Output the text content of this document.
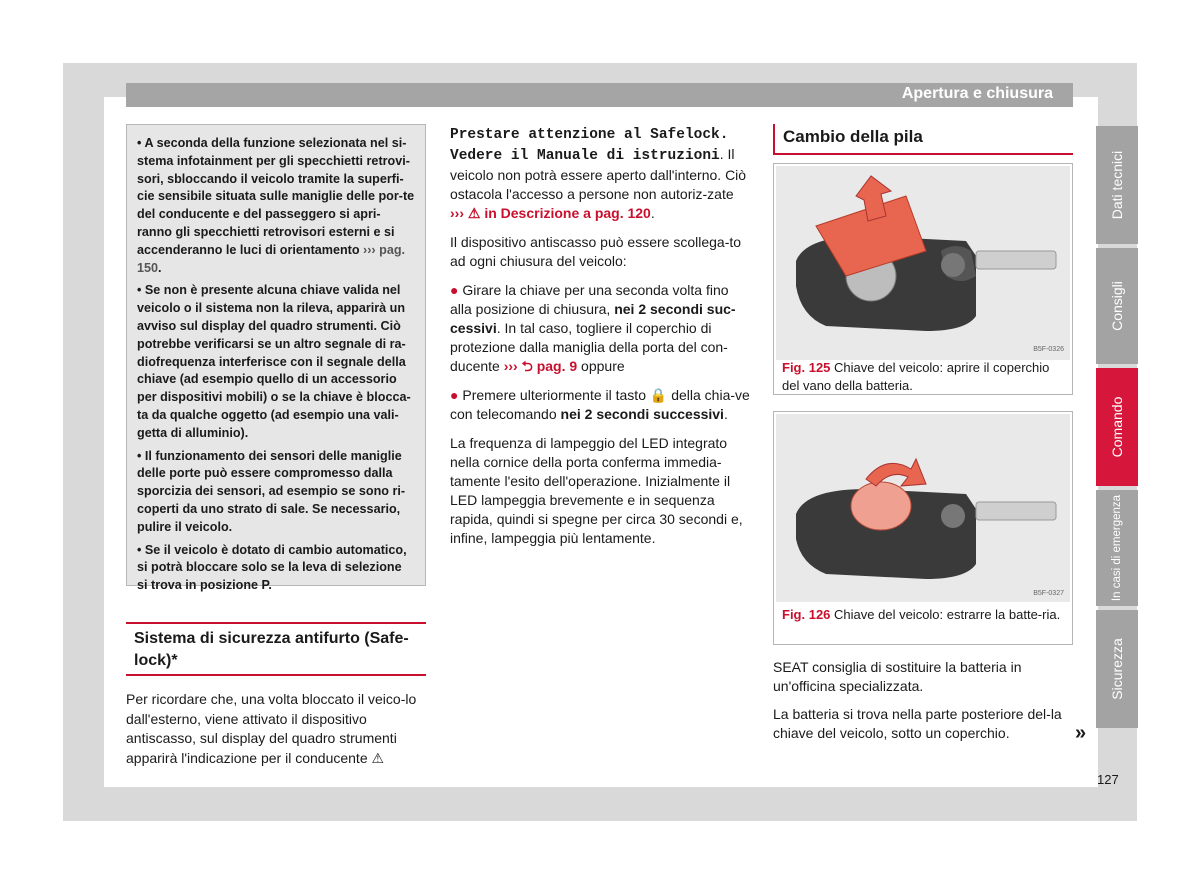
Apertura e chiusura

• A seconda della funzione selezionata nel si-stema infotainment per gli specchietti retrovi-sori, sbloccando il veicolo tramite la superfi-cie sensibile situata sulle maniglie delle por-te del conducente e del passeggero si apri-ranno gli specchietti retrovisori esterni e si accenderanno le luci di orientamento ››› pag. 150.

• Se non è presente alcuna chiave valida nel veicolo o il sistema non la rileva, apparirà un avviso sul display del quadro strumenti. Ciò potrebbe verificarsi se un altro segnale di ra-diofrequenza interferisce con il segnale della chiave (ad esempio quello di un accessorio per dispositivi mobili) o se la chiave è blocca-ta da qualche oggetto (ad esempio una vali-getta di alluminio).

• Il funzionamento dei sensori delle maniglie delle porte può essere compromesso dalla sporcizia dei sensori, ad esempio se sono ri-coperti da uno strato di sale. Se necessario, pulire il veicolo.

• Se il veicolo è dotato di cambio automatico, si potrà bloccare solo se la leva di selezione si trova in posizione P.

Sistema di sicurezza antifurto (Safe-
lock)*

Per ricordare che, una volta bloccato il veico-lo dall'esterno, viene attivato il dispositivo antiscasso, sul display del quadro strumenti apparirà l'indicazione per il conducente ⚠

Prestare attenzione al Safelock.
Vedere il Manuale di istruzioni. Il veicolo non potrà essere aperto dall'interno. Ciò ostacola l'accesso a persone non autoriz-zate ››› ⚠ in Descrizione a pag. 120.

Il dispositivo antiscasso può essere scollega-to ad ogni chiusura del veicolo:

● Girare la chiave per una seconda volta fino alla posizione di chiusura, nei 2 secondi suc-cessivi. In tal caso, togliere il coperchio di protezione dalla maniglia della porta del con-ducente ››› ⮌ pag. 9 oppure

● Premere ulteriormente il tasto 🔒 della chia-ve con telecomando nei 2 secondi successivi.

La frequenza di lampeggio del LED integrato nella cornice della porta conferma immedia-tamente l'esito dell'operazione. Inizialmente il LED lampeggia brevemente e in sequenza rapida, quindi si spegne per circa 30 secondi e, infine, lampeggia più lentamente.

Cambio della pila
B5F-0326
Fig. 125 Chiave del veicolo: aprire il coperchio del vano della batteria.
B5F-0327
Fig. 126 Chiave del veicolo: estrarre la batte-ria.

SEAT consiglia di sostituire la batteria in un'officina specializzata.

La batteria si trova nella parte posteriore del-la chiave del veicolo, sotto un coperchio.	»
Dati tecnici
Consigli
Comando
In casi di emergenza
Sicurezza
127
